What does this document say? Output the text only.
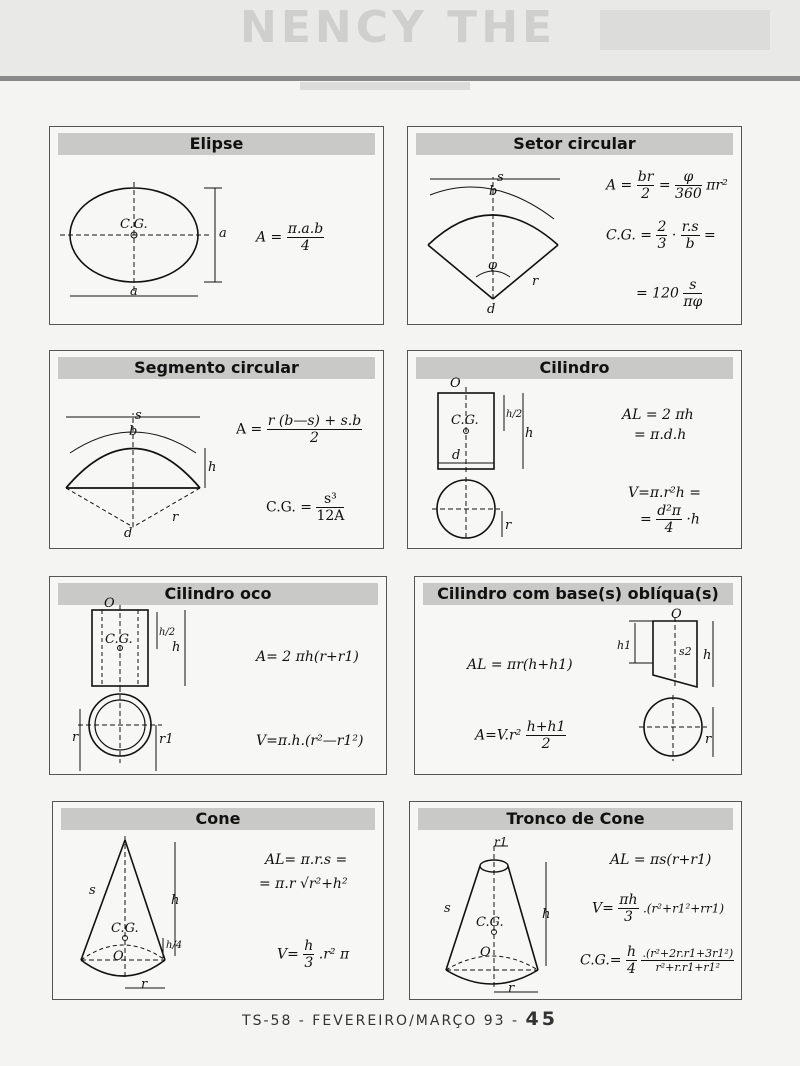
NENCY THE
Elipse
C.G.
a
a $A = \frac{\pi.a.b}{4}$
Setor circular
s
b
φ
d
r
$A = \frac{br}{2} = \frac{\varphi}{360} \pi r^2$
C.G. = $\frac{2}{3} \cdot \frac{r.s}{b}$ =
= $120 \frac{s}{\pi\varphi}$
Segmento circular
s
b
h
d
r
$A = \frac{r (b—s) + s.b}{2}$
C.G. = $\frac{\text{s³}}{12A}$
Cilindro
O
C.G.	h/2
h
d
r
AL = 2 πh
= π.d.h
V=π.r²h =
= $\frac{\text{d²π}}{4} \cdot h$
Cilindro oco
O
C.G.	h/2
h
r	r1
A= 2 πh(r+r1)
V=π.h.(r²—r1²)
Cilindro com base(s) oblíqua(s)
O
h1	s2 h
r
AL = πr(h+h1)
$A=V.r^2 \frac{h+h1}{2}$
Cone
s
h
C.G.
O
h/4
r
AL= π.r.s =
= π.r √r²+h²
$V= \frac{h}{3} .r^2$ π
Tronco de Cone
r1
s	h
C.G.
O
r
AL = πs(r+r1)
$V= \frac{\pi h}{3} .(r^2+r1^2+rr1)$
$C.G.= \frac{h}{4}$
$\frac{\text{.(r²+2r.r1+3r1²)}}{\text{r²+r.r1+r1²}}$
TS-58 - FEVEREIRO/MARÇO 93 - 45
